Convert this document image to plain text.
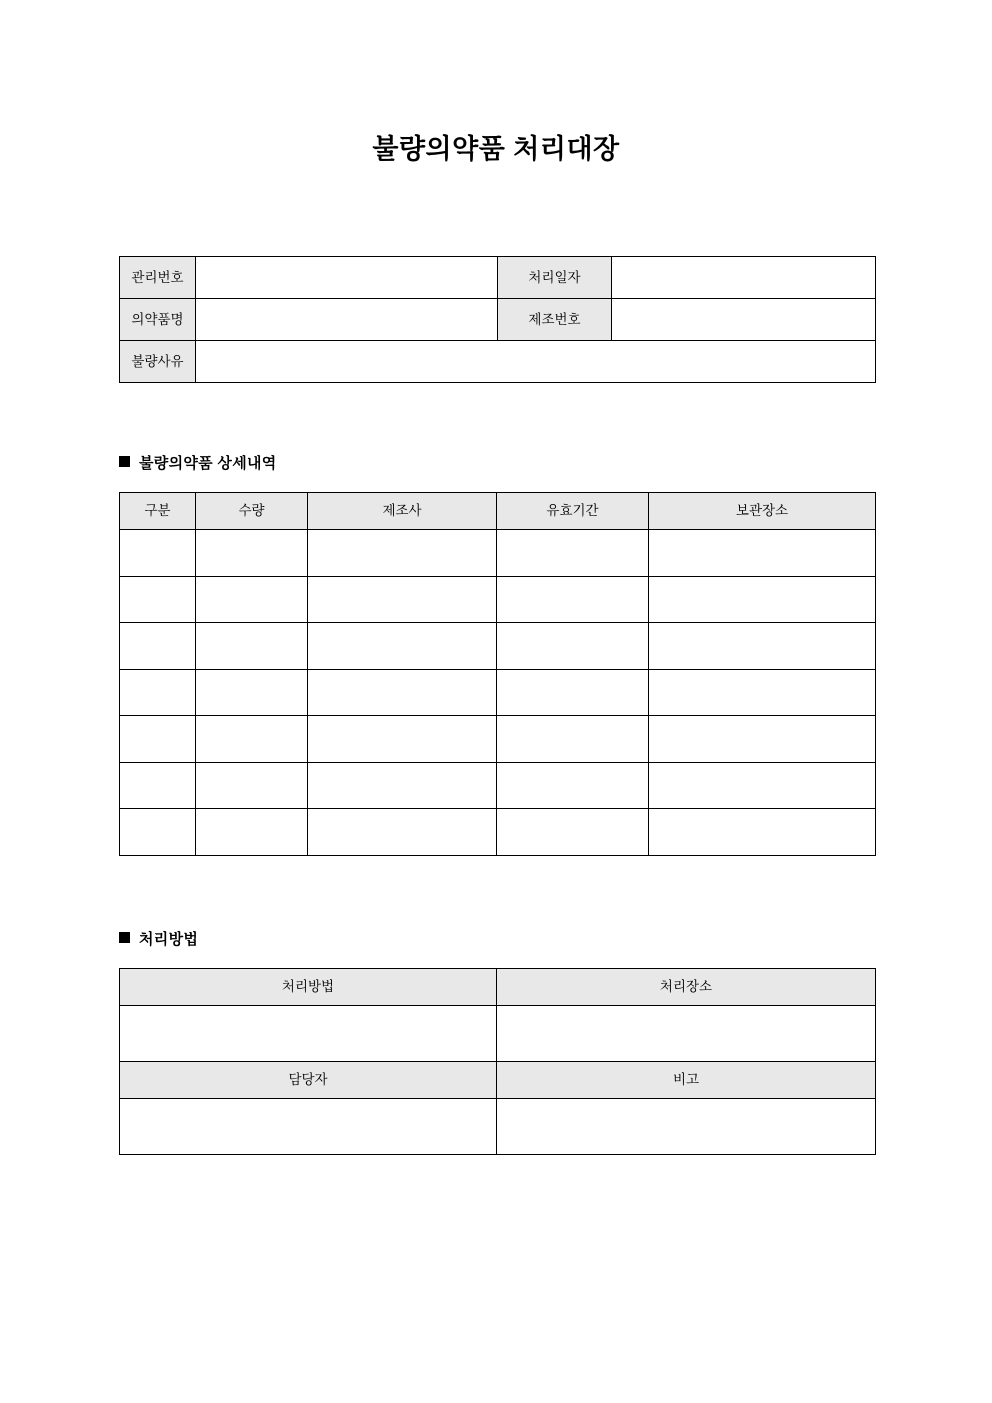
불량의약품 처리대장
관리번호		처리일자	
의약품명		제조번호	
불량사유			
불량의약품 상세내역
구분	수량	제조사	유효기간	보관장소

처리방법
처리방법	처리장소

담당자	비고
